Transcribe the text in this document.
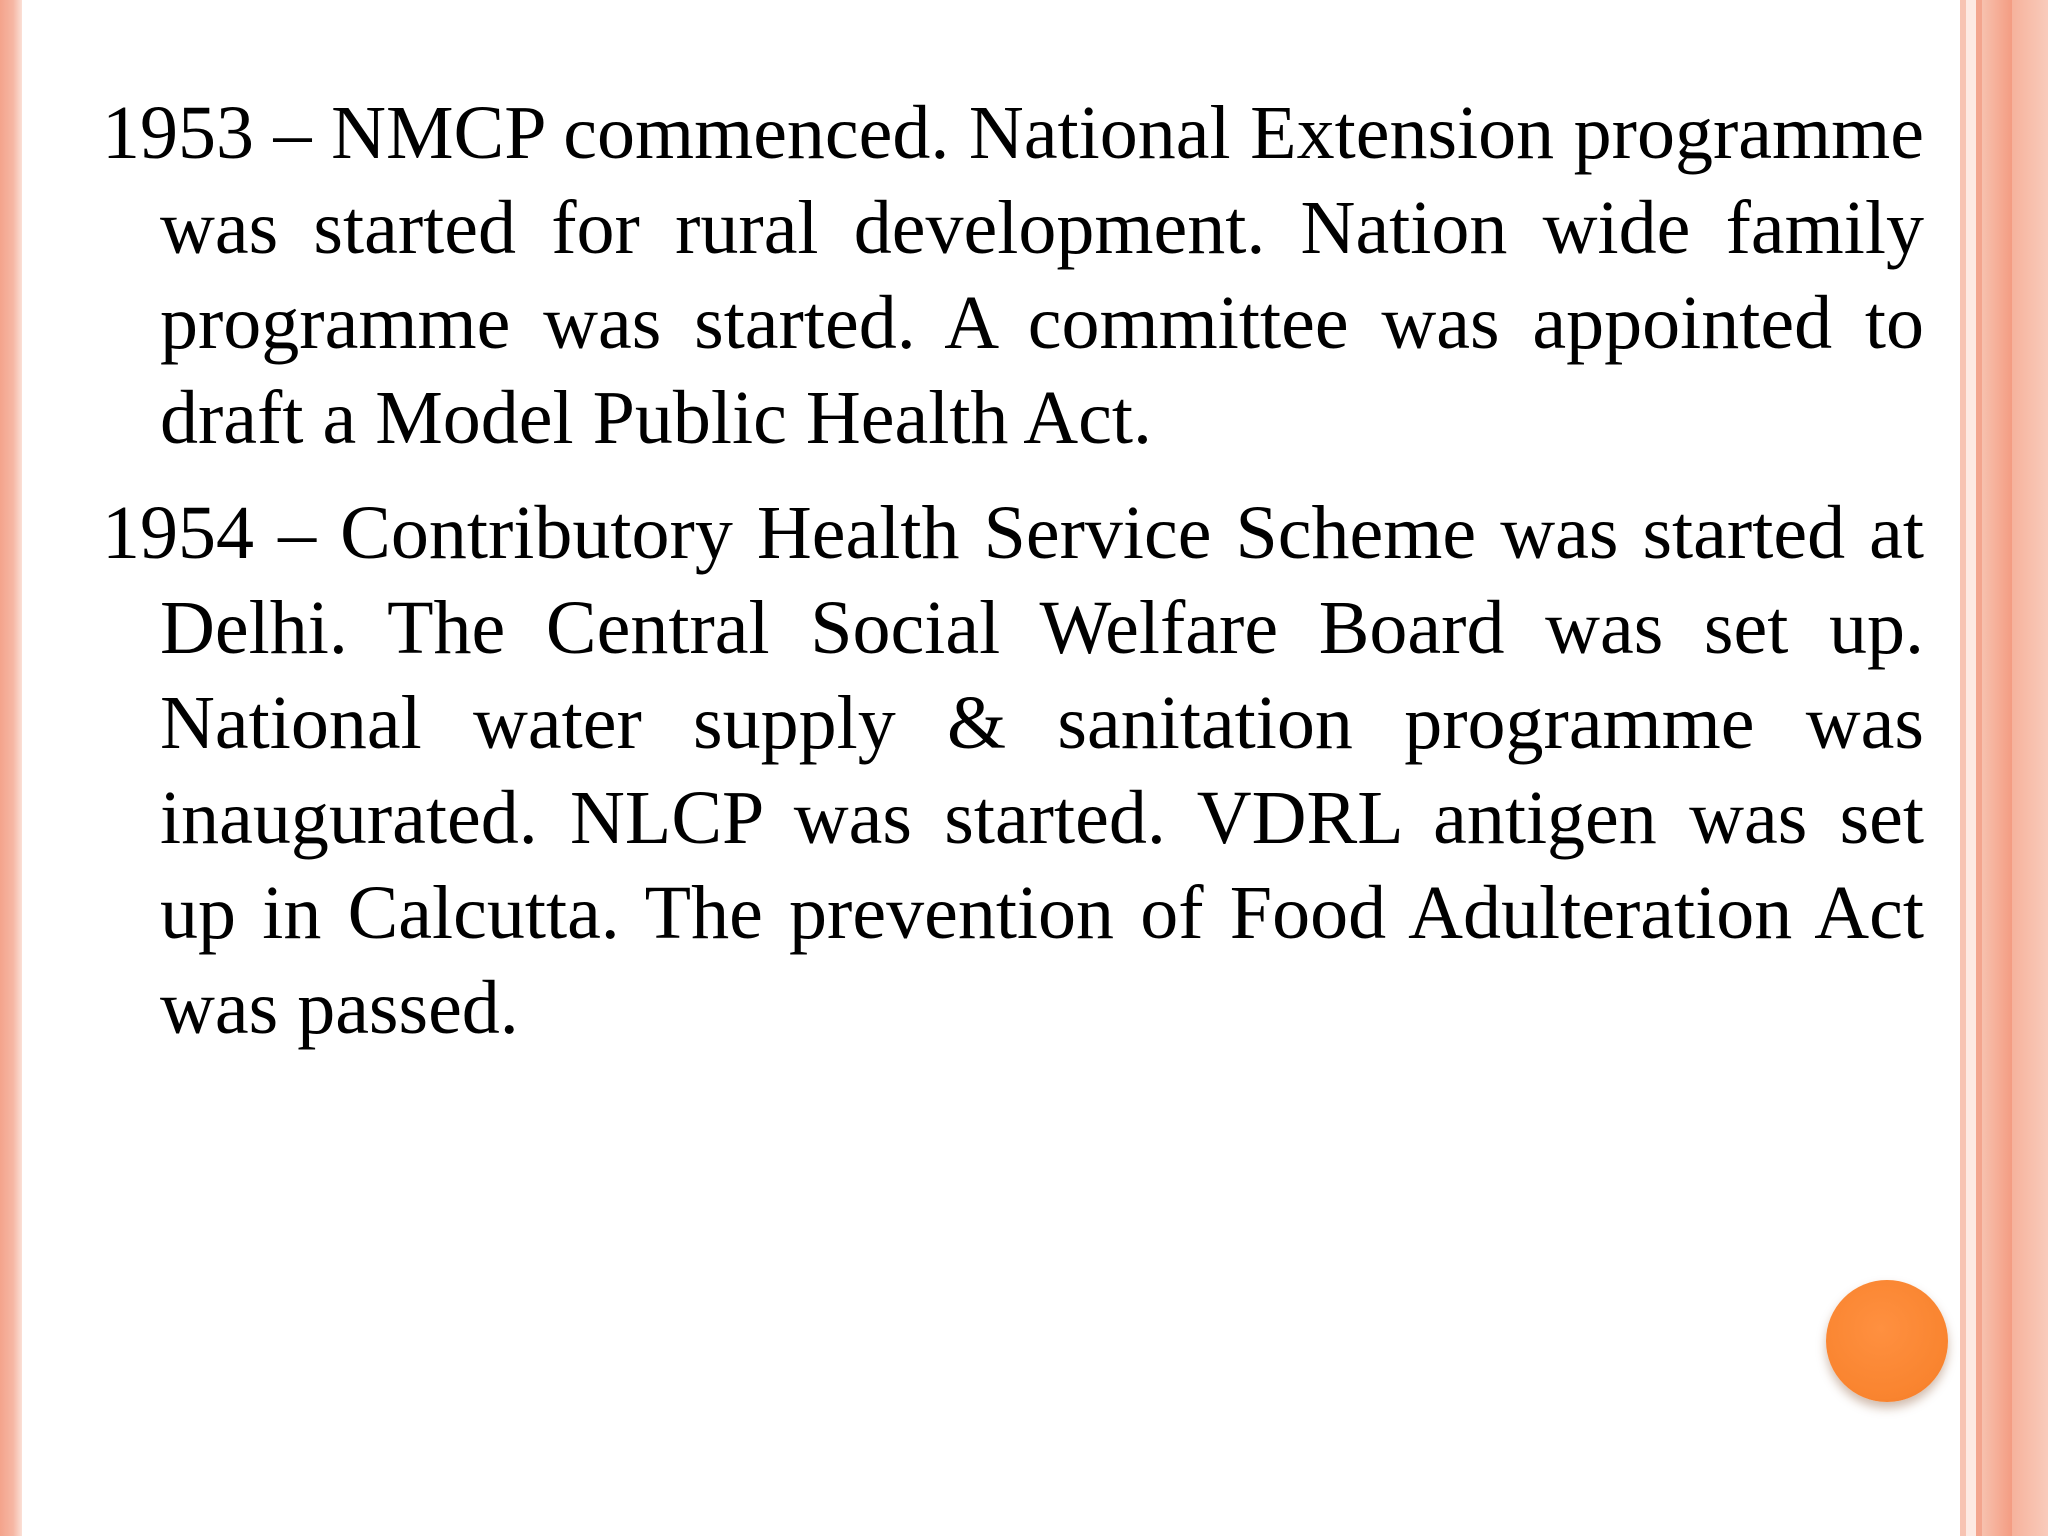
1953 – NMCP commenced. National Extension programme was started for rural development. Nation wide family programme was started. A committee was appointed to draft a Model Public Health Act.

1954 – Contributory Health Service Scheme was started at Delhi. The Central Social Welfare Board was set up. National water supply & sanitation programme was inaugurated. NLCP was started. VDRL antigen was set up in Calcutta. The prevention of Food Adulteration Act was passed.
